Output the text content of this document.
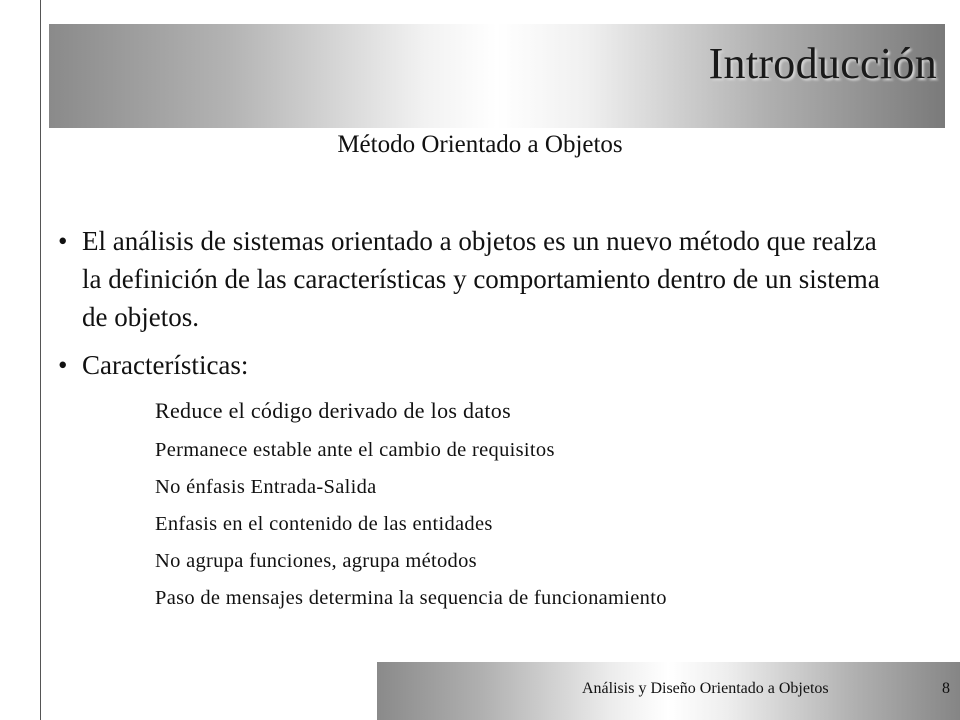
Introducción
Método Orientado a Objetos
• El análisis de sistemas orientado a objetos es un nuevo método que realza la definición de las características y comportamiento dentro de un sistema de objetos.
• Características:
Reduce el código derivado de los datos
Permanece estable ante el cambio de requisitos
No énfasis Entrada-Salida
Enfasis en el contenido de las entidades
No agrupa funciones, agrupa métodos
Paso de mensajes determina la sequencia de funcionamiento
Análisis y Diseño Orientado a Objetos	8
